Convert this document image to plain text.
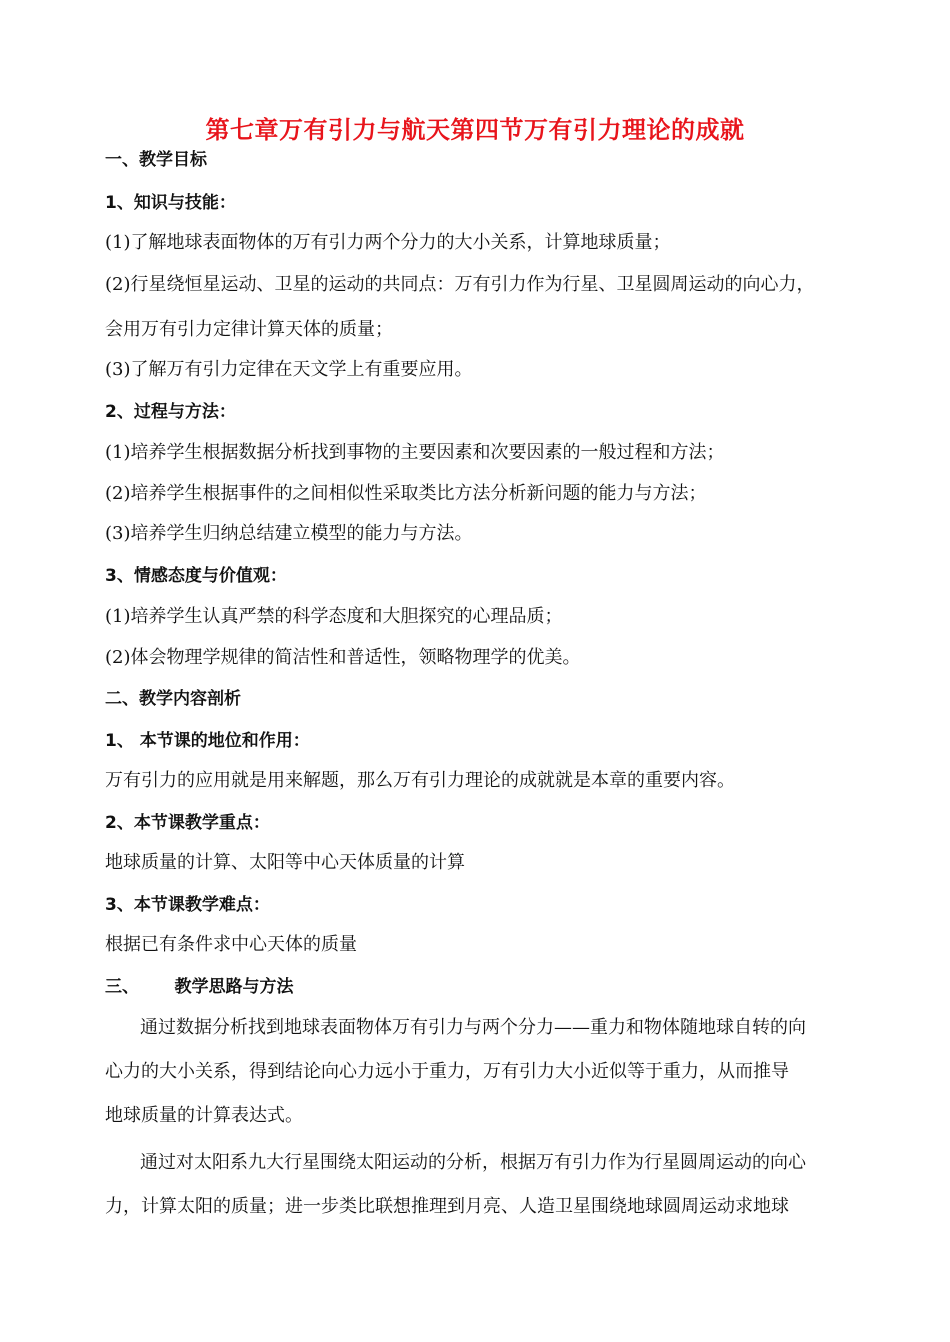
第七章万有引力与航天第四节万有引力理论的成就
一、教学目标
1、知识与技能：
(1)了解地球表面物体的万有引力两个分力的大小关系，计算地球质量；
(2)行星绕恒星运动、卫星的运动的共同点：万有引力作为行星、卫星圆周运动的向心力，
会用万有引力定律计算天体的质量；
(3)了解万有引力定律在天文学上有重要应用。
2、过程与方法：
(1)培养学生根据数据分析找到事物的主要因素和次要因素的一般过程和方法；
(2)培养学生根据事件的之间相似性采取类比方法分析新问题的能力与方法；
(3)培养学生归纳总结建立模型的能力与方法。
3、情感态度与价值观：
(1)培养学生认真严禁的科学态度和大胆探究的心理品质；
(2)体会物理学规律的简洁性和普适性，领略物理学的优美。
二、教学内容剖析
1、 本节课的地位和作用：
万有引力的应用就是用来解题，那么万有引力理论的成就就是本章的重要内容。
2、本节课教学重点：
地球质量的计算、太阳等中心天体质量的计算
3、本节课教学难点：
根据已有条件求中心天体的质量
三、      教学思路与方法
通过数据分析找到地球表面物体万有引力与两个分力——重力和物体随地球自转的向
心力的大小关系，得到结论向心力远小于重力，万有引力大小近似等于重力，从而推导
地球质量的计算表达式。
通过对太阳系九大行星围绕太阳运动的分析，根据万有引力作为行星圆周运动的向心
力，计算太阳的质量；进一步类比联想推理到月亮、人造卫星围绕地球圆周运动求地球
